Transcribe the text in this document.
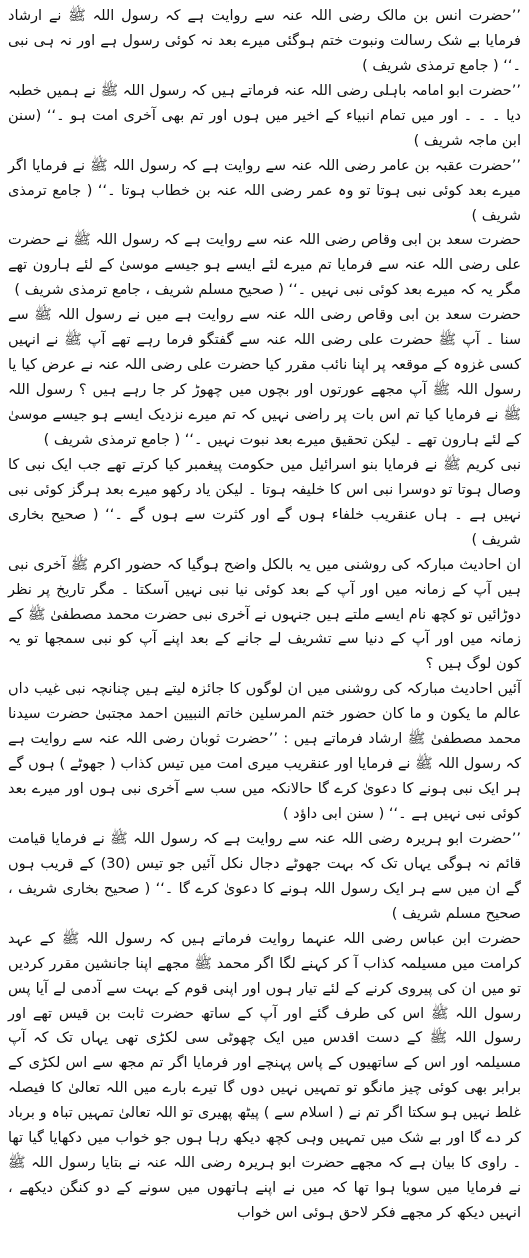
’’حضرت انس بن مالک رضی اللہ عنہ سے روایت ہے کہ رسول اللہ ﷺ نے ارشاد فرمایا بے شک رسالت ونبوت ختم ہوگئی میرے بعد نہ کوئی رسول ہے اور نہ ہی نبی ۔‘‘ ( جامع ترمذی شریف )

’’حضرت ابو امامہ باہلی رضی اللہ عنہ فرماتے ہیں کہ رسول اللہ ﷺ نے ہمیں خطبہ دیا ۔ ۔ ۔ اور میں تمام انبیاء کے اخیر میں ہوں اور تم بھی آخری امت ہو ۔‘‘ (سنن ابن ماجہ شریف )

’’حضرت عقبہ بن عامر رضی اللہ عنہ سے روایت ہے کہ رسول اللہ ﷺ نے فرمایا اگر میرے بعد کوئی نبی ہوتا تو وہ عمر رضی اللہ عنہ بن خطاب ہوتا ۔‘‘ ( جامع ترمذی شریف )

حضرت سعد بن ابی وقاص رضی اللہ عنہ سے روایت ہے کہ رسول اللہ ﷺ نے حضرت علی رضی اللہ عنہ سے فرمایا تم میرے لئے ایسے ہو جیسے موسیٰ کے لئے ہارون تھے مگر یہ کہ میرے بعد کوئی نبی نہیں ۔‘‘ ( صحیح مسلم شریف ، جامع ترمذی شریف )

حضرت سعد بن ابی وقاص رضی اللہ عنہ سے روایت ہے میں نے رسول اللہ ﷺ سے سنا ۔ آپ ﷺ حضرت علی رضی اللہ عنہ سے گفتگو فرما رہے تھے آپ ﷺ نے انہیں کسی غزوہ کے موقعہ پر اپنا نائب مقرر کیا حضرت علی رضی اللہ عنہ نے عرض کیا یا رسول اللہ ﷺ آپ مجھے عورتوں اور بچوں میں چھوڑ کر جا رہے ہیں ؟ رسول اللہ ﷺ نے فرمایا کیا تم اس بات پر راضی نہیں کہ تم میرے نزدیک ایسے ہو جیسے موسیٰ کے لئے ہارون تھے ۔ لیکن تحقیق میرے بعد نبوت نہیں ۔‘‘ ( جامع ترمذی شریف )

نبی کریم ﷺ نے فرمایا بنو اسرائیل میں حکومت پیغمبر کیا کرتے تھے جب ایک نبی کا وصال ہوتا تو دوسرا نبی اس کا خلیفہ ہوتا ۔ لیکن یاد رکھو میرے بعد ہرگز کوئی نبی نہیں ہے ۔ ہاں عنقریب خلفاء ہوں گے اور کثرت سے ہوں گے ۔‘‘ ( صحیح بخاری شریف )

ان احادیث مبارکہ کی روشنی میں یہ بالکل واضح ہوگیا کہ حضور اکرم ﷺ آخری نبی ہیں آپ کے زمانہ میں اور آپ کے بعد کوئی نیا نبی نہیں آسکتا ۔ مگر تاریخ پر نظر دوڑائیں تو کچھ نام ایسے ملتے ہیں جنہوں نے آخری نبی حضرت محمد مصطفیٰ ﷺ کے زمانہ میں اور آپ کے دنیا سے تشریف لے جانے کے بعد اپنے آپ کو نبی سمجھا تو یہ کون لوگ ہیں ؟

آئیں احادیث مبارکہ کی روشنی میں ان لوگوں کا جائزہ لیتے ہیں چنانچہ نبی غیب داں عالم ما یکون و ما کان حضور ختم المرسلین خاتم النبیین احمد مجتبیٰ حضرت سیدنا محمد مصطفیٰ ﷺ ارشاد فرماتے ہیں : ’’حضرت ثوبان رضی اللہ عنہ سے روایت ہے کہ رسول اللہ ﷺ نے فرمایا اور عنقریب میری امت میں تیس کذاب ( جھوٹے ) ہوں گے ہر ایک نبی ہونے کا دعویٰ کرے گا حالانکہ میں سب سے آخری نبی ہوں اور میرے بعد کوئی نبی نہیں ہے ۔‘‘ ( سنن ابی داؤد )

’’حضرت ابو ہریرہ رضی اللہ عنہ سے روایت ہے کہ رسول اللہ ﷺ نے فرمایا قیامت قائم نہ ہوگی یہاں تک کہ بہت جھوٹے دجال نکل آئیں جو تیس (30) کے قریب ہوں گے ان میں سے ہر ایک رسول اللہ ہونے کا دعویٰ کرے گا ۔‘‘ ( صحیح بخاری شریف ، صحیح مسلم شریف )

حضرت ابن عباس رضی اللہ عنہما روایت فرماتے ہیں کہ رسول اللہ ﷺ کے عہد کرامت میں مسیلمہ کذاب آ کر کہنے لگا اگر محمد ﷺ مجھے اپنا جانشین مقرر کردیں تو میں ان کی پیروی کرنے کے لئے تیار ہوں اور اپنی قوم کے بہت سے آدمی لے آیا پس رسول اللہ ﷺ اس کی طرف گئے اور آپ کے ساتھ حضرت ثابت بن قیس تھے اور رسول اللہ ﷺ کے دست اقدس میں ایک چھوٹی سی لکڑی تھی یہاں تک کہ آپ مسیلمہ اور اس کے ساتھیوں کے پاس پہنچے اور فرمایا اگر تم مجھ سے اس لکڑی کے برابر بھی کوئی چیز مانگو تو تمہیں نہیں دوں گا تیرے بارے میں اللہ تعالیٰ کا فیصلہ غلط نہیں ہو سکتا اگر تم نے ( اسلام سے ) پیٹھ پھیری تو اللہ تعالیٰ تمہیں تباہ و برباد کر دے گا اور بے شک میں تمہیں وہی کچھ دیکھ رہا ہوں جو خواب میں دکھایا گیا تھا ۔ راوی کا بیان ہے کہ مجھے حضرت ابو ہریرہ رضی اللہ عنہ نے بتایا رسول اللہ ﷺ نے فرمایا میں سویا ہوا تھا کہ میں نے اپنے ہاتھوں میں سونے کے دو کنگن دیکھے ، انہیں دیکھ کر مجھے فکر لاحق ہوئی اس خواب
